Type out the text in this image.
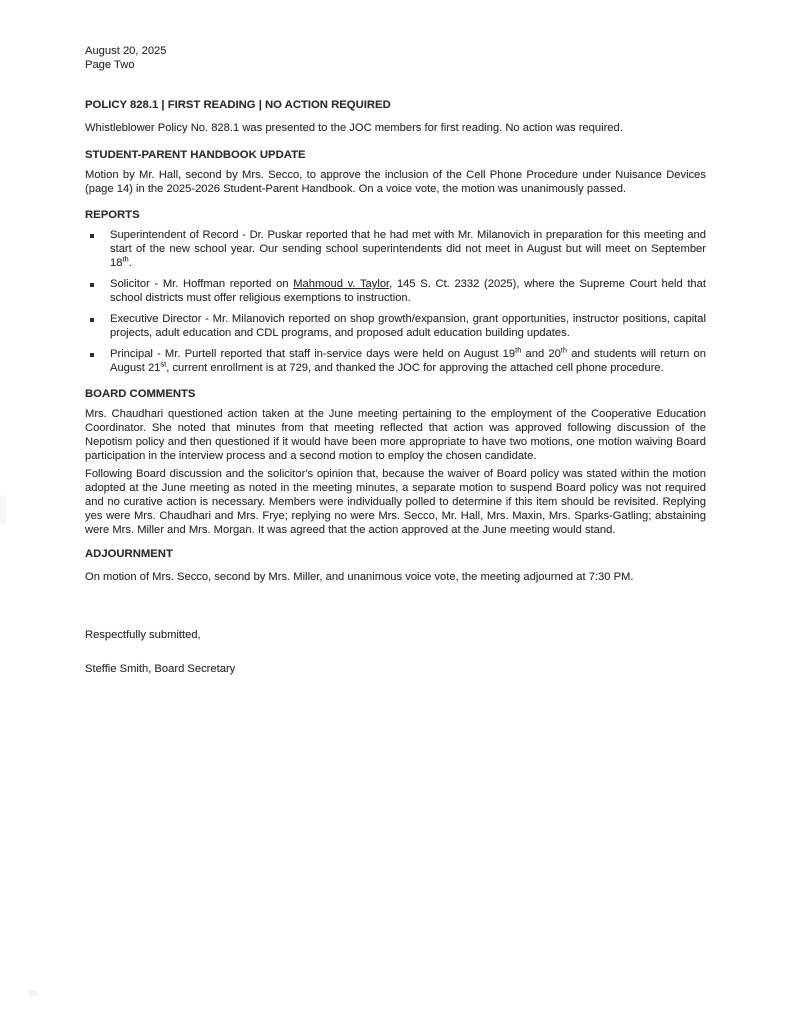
August 20, 2025
Page Two
POLICY 828.1 | FIRST READING | NO ACTION REQUIRED

Whistleblower Policy No. 828.1 was presented to the JOC members for first reading. No action was required.

STUDENT-PARENT HANDBOOK UPDATE

Motion by Mr. Hall, second by Mrs. Secco, to approve the inclusion of the Cell Phone Procedure under Nuisance Devices (page 14) in the 2025-2026 Student-Parent Handbook. On a voice vote, the motion was unanimously passed.

REPORTS
Superintendent of Record - Dr. Puskar reported that he had met with Mr. Milanovich in preparation for this meeting and start of the new school year. Our sending school superintendents did not meet in August but will meet on September 18th.
Solicitor - Mr. Hoffman reported on Mahmoud v. Taylor, 145 S. Ct. 2332 (2025), where the Supreme Court held that school districts must offer religious exemptions to instruction.
Executive Director - Mr. Milanovich reported on shop growth/expansion, grant opportunities, instructor positions, capital projects, adult education and CDL programs, and proposed adult education building updates.
Principal - Mr. Purtell reported that staff in-service days were held on August 19th and 20th and students will return on August 21st, current enrollment is at 729, and thanked the JOC for approving the attached cell phone procedure.
BOARD COMMENTS

Mrs. Chaudhari questioned action taken at the June meeting pertaining to the employment of the Cooperative Education Coordinator. She noted that minutes from that meeting reflected that action was approved following discussion of the Nepotism policy and then questioned if it would have been more appropriate to have two motions, one motion waiving Board participation in the interview process and a second motion to employ the chosen candidate.

Following Board discussion and the solicitor's opinion that, because the waiver of Board policy was stated within the motion adopted at the June meeting as noted in the meeting minutes, a separate motion to suspend Board policy was not required and no curative action is necessary. Members were individually polled to determine if this item should be revisited. Replying yes were Mrs. Chaudhari and Mrs. Frye; replying no were Mrs. Secco, Mr. Hall, Mrs. Maxin, Mrs. Sparks-Gatling; abstaining were Mrs. Miller and Mrs. Morgan. It was agreed that the action approved at the June meeting would stand.

ADJOURNMENT

On motion of Mrs. Secco, second by Mrs. Miller, and unanimous voice vote, the meeting adjourned at 7:30 PM.

Respectfully submitted,
Steffie Smith, Board Secretary
